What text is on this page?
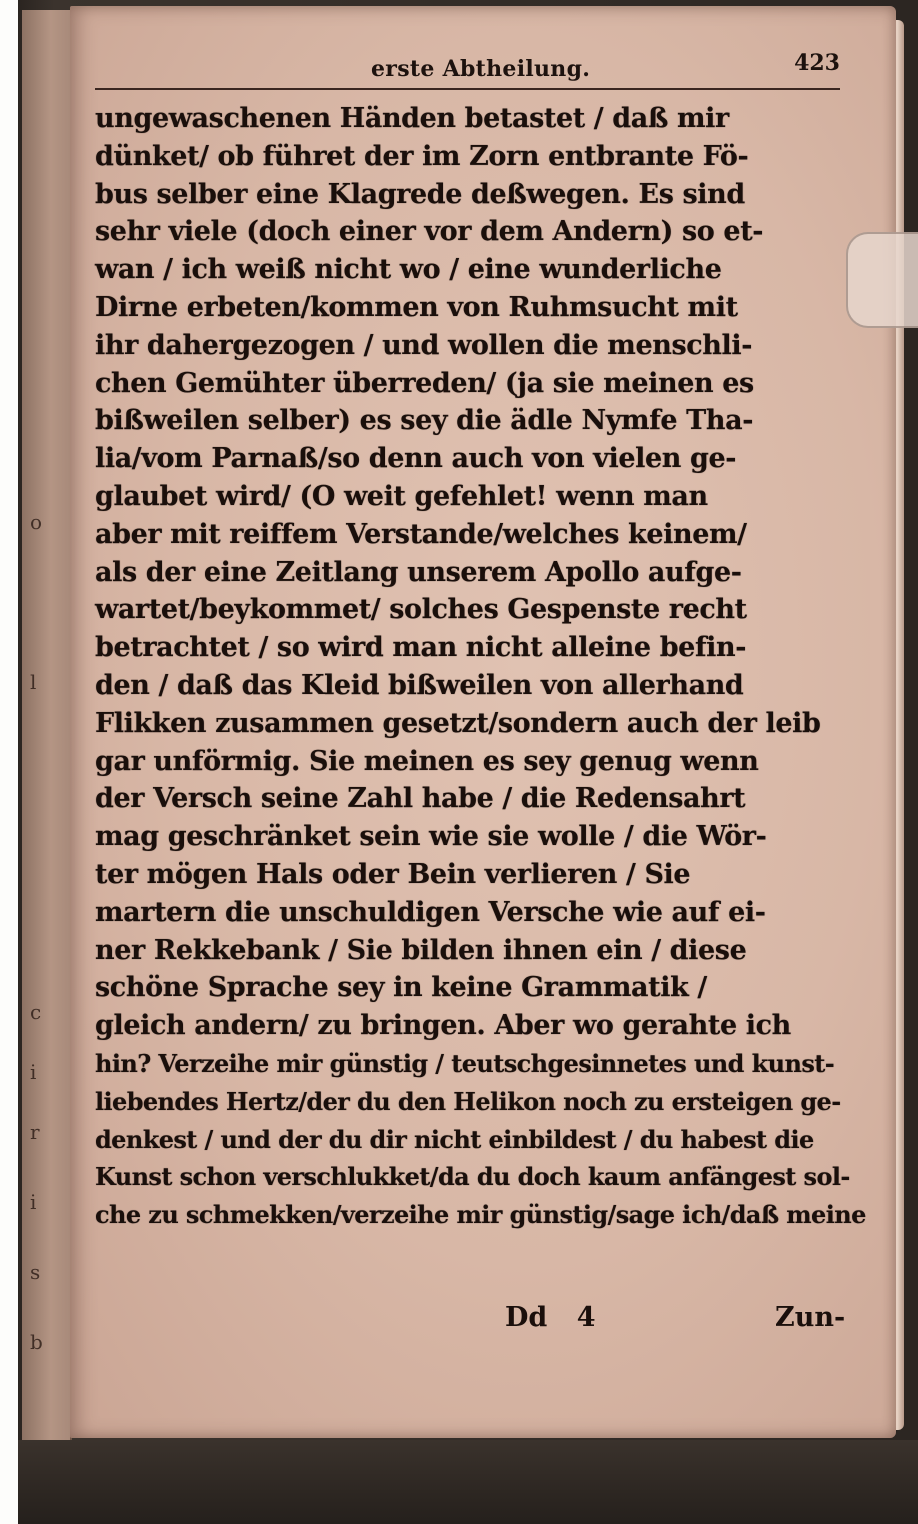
o
l
c
i
r
i
s
b
erste Abtheilung.	423
ungewaschenen Händen betastet / daß mir
dünket/ ob führet der im Zorn entbrante Fö-
bus selber eine Klagrede deßwegen. Es sind
sehr viele (doch einer vor dem Andern) so et-
wan / ich weiß nicht wo / eine wunderliche
Dirne erbeten/kommen von Ruhmsucht mit
ihr dahergezogen / und wollen die menschli-
chen Gemühter überreden/ (ja sie meinen es
bißweilen selber) es sey die ädle Nymfe Tha-
lia/vom Parnaß/so denn auch von vielen ge-
glaubet wird/ (O weit gefehlet! wenn man
aber mit reiffem Verstande/welches keinem/
als der eine Zeitlang unserem Apollo aufge-
wartet/beykommet/ solches Gespenste recht
betrachtet / so wird man nicht alleine befin-
den / daß das Kleid bißweilen von allerhand
Flikken zusammen gesetzt/sondern auch der leib
gar unförmig. Sie meinen es sey genug wenn
der Versch seine Zahl habe / die Redensahrt
mag geschränket sein wie sie wolle / die Wör-
ter mögen Hals oder Bein verlieren / Sie
martern die unschuldigen Versche wie auf ei-
ner Rekkebank / Sie bilden ihnen ein / diese
schöne Sprache sey in keine Grammatik /
gleich andern/ zu bringen. Aber wo gerahte ich
hin? Verzeihe mir günstig / teutschgesinnetes und kunst-
liebendes Hertz/der du den Helikon noch zu ersteigen ge-
denkest / und der du dir nicht einbildest / du habest die
Kunst schon verschlukket/da du doch kaum anfängest sol-
che zu schmekken/verzeihe mir günstig/sage ich/daß meine
Dd 4	Zun-
